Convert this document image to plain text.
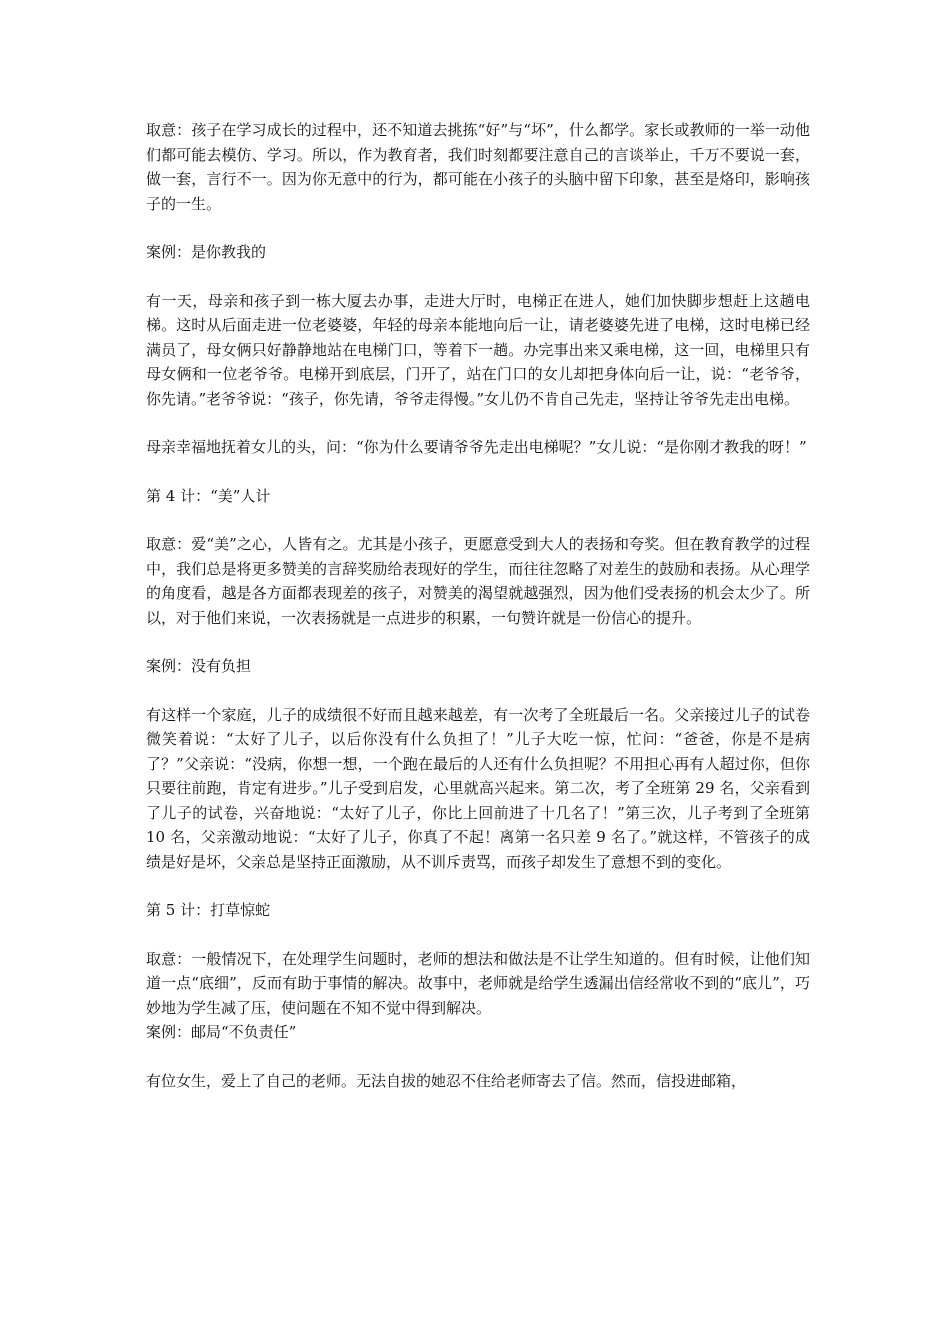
取意：孩子在学习成长的过程中，还不知道去挑拣“好”与“坏”，什么都学。家长或教师的一举一动他们都可能去模仿、学习。所以，作为教育者，我们时刻都要注意自己的言谈举止，千万不要说一套，做一套，言行不一。因为你无意中的行为，都可能在小孩子的头脑中留下印象，甚至是烙印，影响孩子的一生。

案例：是你教我的

有一天，母亲和孩子到一栋大厦去办事，走进大厅时，电梯正在进人，她们加快脚步想赶上这趟电梯。这时从后面走进一位老婆婆，年轻的母亲本能地向后一让，请老婆婆先进了电梯，这时电梯已经满员了，母女俩只好静静地站在电梯门口，等着下一趟。办完事出来又乘电梯，这一回，电梯里只有母女俩和一位老爷爷。电梯开到底层，门开了，站在门口的女儿却把身体向后一让，说：“老爷爷，你先请。”老爷爷说：“孩子，你先请，爷爷走得慢。”女儿仍不肯自己先走，坚持让爷爷先走出电梯。

母亲幸福地抚着女儿的头，问：“你为什么要请爷爷先走出电梯呢？”女儿说：“是你刚才教我的呀！”

第 4 计：“美”人计

取意：爱“美”之心，人皆有之。尤其是小孩子，更愿意受到大人的表扬和夸奖。但在教育教学的过程中，我们总是将更多赞美的言辞奖励给表现好的学生，而往往忽略了对差生的鼓励和表扬。从心理学的角度看，越是各方面都表现差的孩子，对赞美的渴望就越强烈，因为他们受表扬的机会太少了。所以，对于他们来说，一次表扬就是一点进步的积累，一句赞许就是一份信心的提升。

案例：没有负担

有这样一个家庭，儿子的成绩很不好而且越来越差，有一次考了全班最后一名。父亲接过儿子的试卷微笑着说：“太好了儿子，以后你没有什么负担了！”儿子大吃一惊，忙问：“爸爸，你是不是病了？”父亲说：“没病，你想一想，一个跑在最后的人还有什么负担呢？不用担心再有人超过你，但你只要往前跑，肯定有进步。”儿子受到启发，心里就高兴起来。第二次，考了全班第 29 名，父亲看到了儿子的试卷，兴奋地说：“太好了儿子，你比上回前进了十几名了！”第三次，儿子考到了全班第 10 名，父亲激动地说：“太好了儿子，你真了不起！离第一名只差 9 名了。”就这样，不管孩子的成绩是好是坏，父亲总是坚持正面激励，从不训斥责骂，而孩子却发生了意想不到的变化。

第 5 计：打草惊蛇

取意：一般情况下，在处理学生问题时，老师的想法和做法是不让学生知道的。但有时候，让他们知道一点“底细”，反而有助于事情的解决。故事中，老师就是给学生透漏出信经常收不到的“底儿”，巧妙地为学生减了压，使问题在不知不觉中得到解决。

案例：邮局“不负责任”

有位女生，爱上了自己的老师。无法自拔的她忍不住给老师寄去了信。然而，信投进邮箱，
